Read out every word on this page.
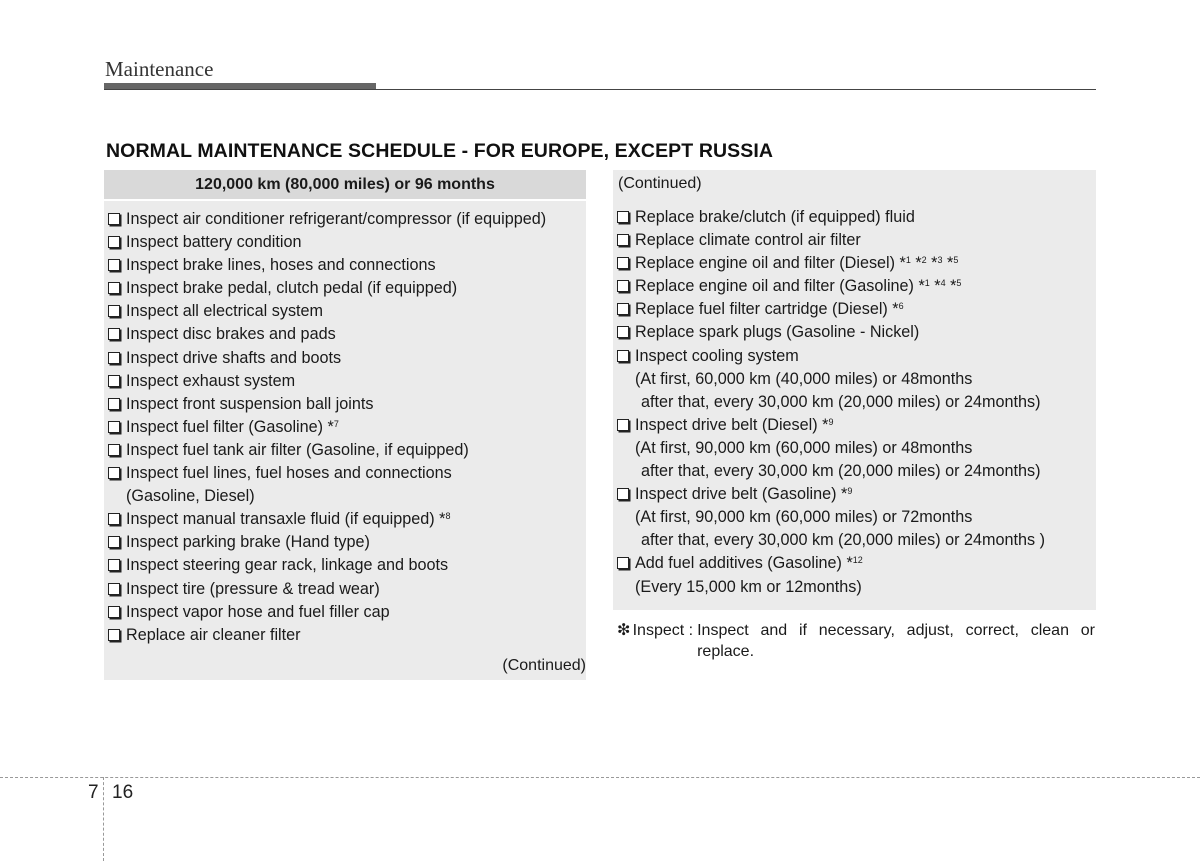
Maintenance
NORMAL MAINTENANCE SCHEDULE - FOR EUROPE, EXCEPT RUSSIA
120,000 km (80,000 miles) or 96 months
Inspect air conditioner refrigerant/compressor (if equipped)
Inspect battery condition
Inspect brake lines, hoses and connections
Inspect brake pedal, clutch pedal (if equipped)
Inspect all electrical system
Inspect disc brakes and pads
Inspect drive shafts and boots
Inspect exhaust system
Inspect front suspension ball joints
Inspect fuel filter (Gasoline) *$^7$
Inspect fuel tank air filter (Gasoline, if equipped)
Inspect fuel lines, fuel hoses and connections
(Gasoline, Diesel)
Inspect manual transaxle fluid (if equipped) *$^8$
Inspect parking brake (Hand type)
Inspect steering gear rack, linkage and boots
Inspect tire (pressure & tread wear)
Inspect vapor hose and fuel filler cap
Replace air cleaner filter
(Continued)
(Continued)
Replace brake/clutch (if equipped) fluid
Replace climate control air filter
Replace engine oil and filter (Diesel) *$^1$ *$^2$ *$^3$ *$^5$
Replace engine oil and filter (Gasoline) *$^1$ *$^4$ *$^5$
Replace fuel filter cartridge (Diesel) *$^6$
Replace spark plugs (Gasoline - Nickel)
Inspect cooling system
(At first, 60,000 km (40,000 miles) or 48months
after that, every 30,000 km (20,000 miles) or 24months)
Inspect drive belt (Diesel) *$^9$
(At first, 90,000 km (60,000 miles) or 48months
after that, every 30,000 km (20,000 miles) or 24months)
Inspect drive belt (Gasoline) *$^9$
(At first, 90,000 km (60,000 miles) or 72months
after that, every 30,000 km (20,000 miles) or 24months )
Add fuel additives (Gasoline) *$^{12}$
(Every 15,000 km or 12months)
❇ Inspect : Inspect and if necessary, adjust, correct, clean or replace.
7 16
